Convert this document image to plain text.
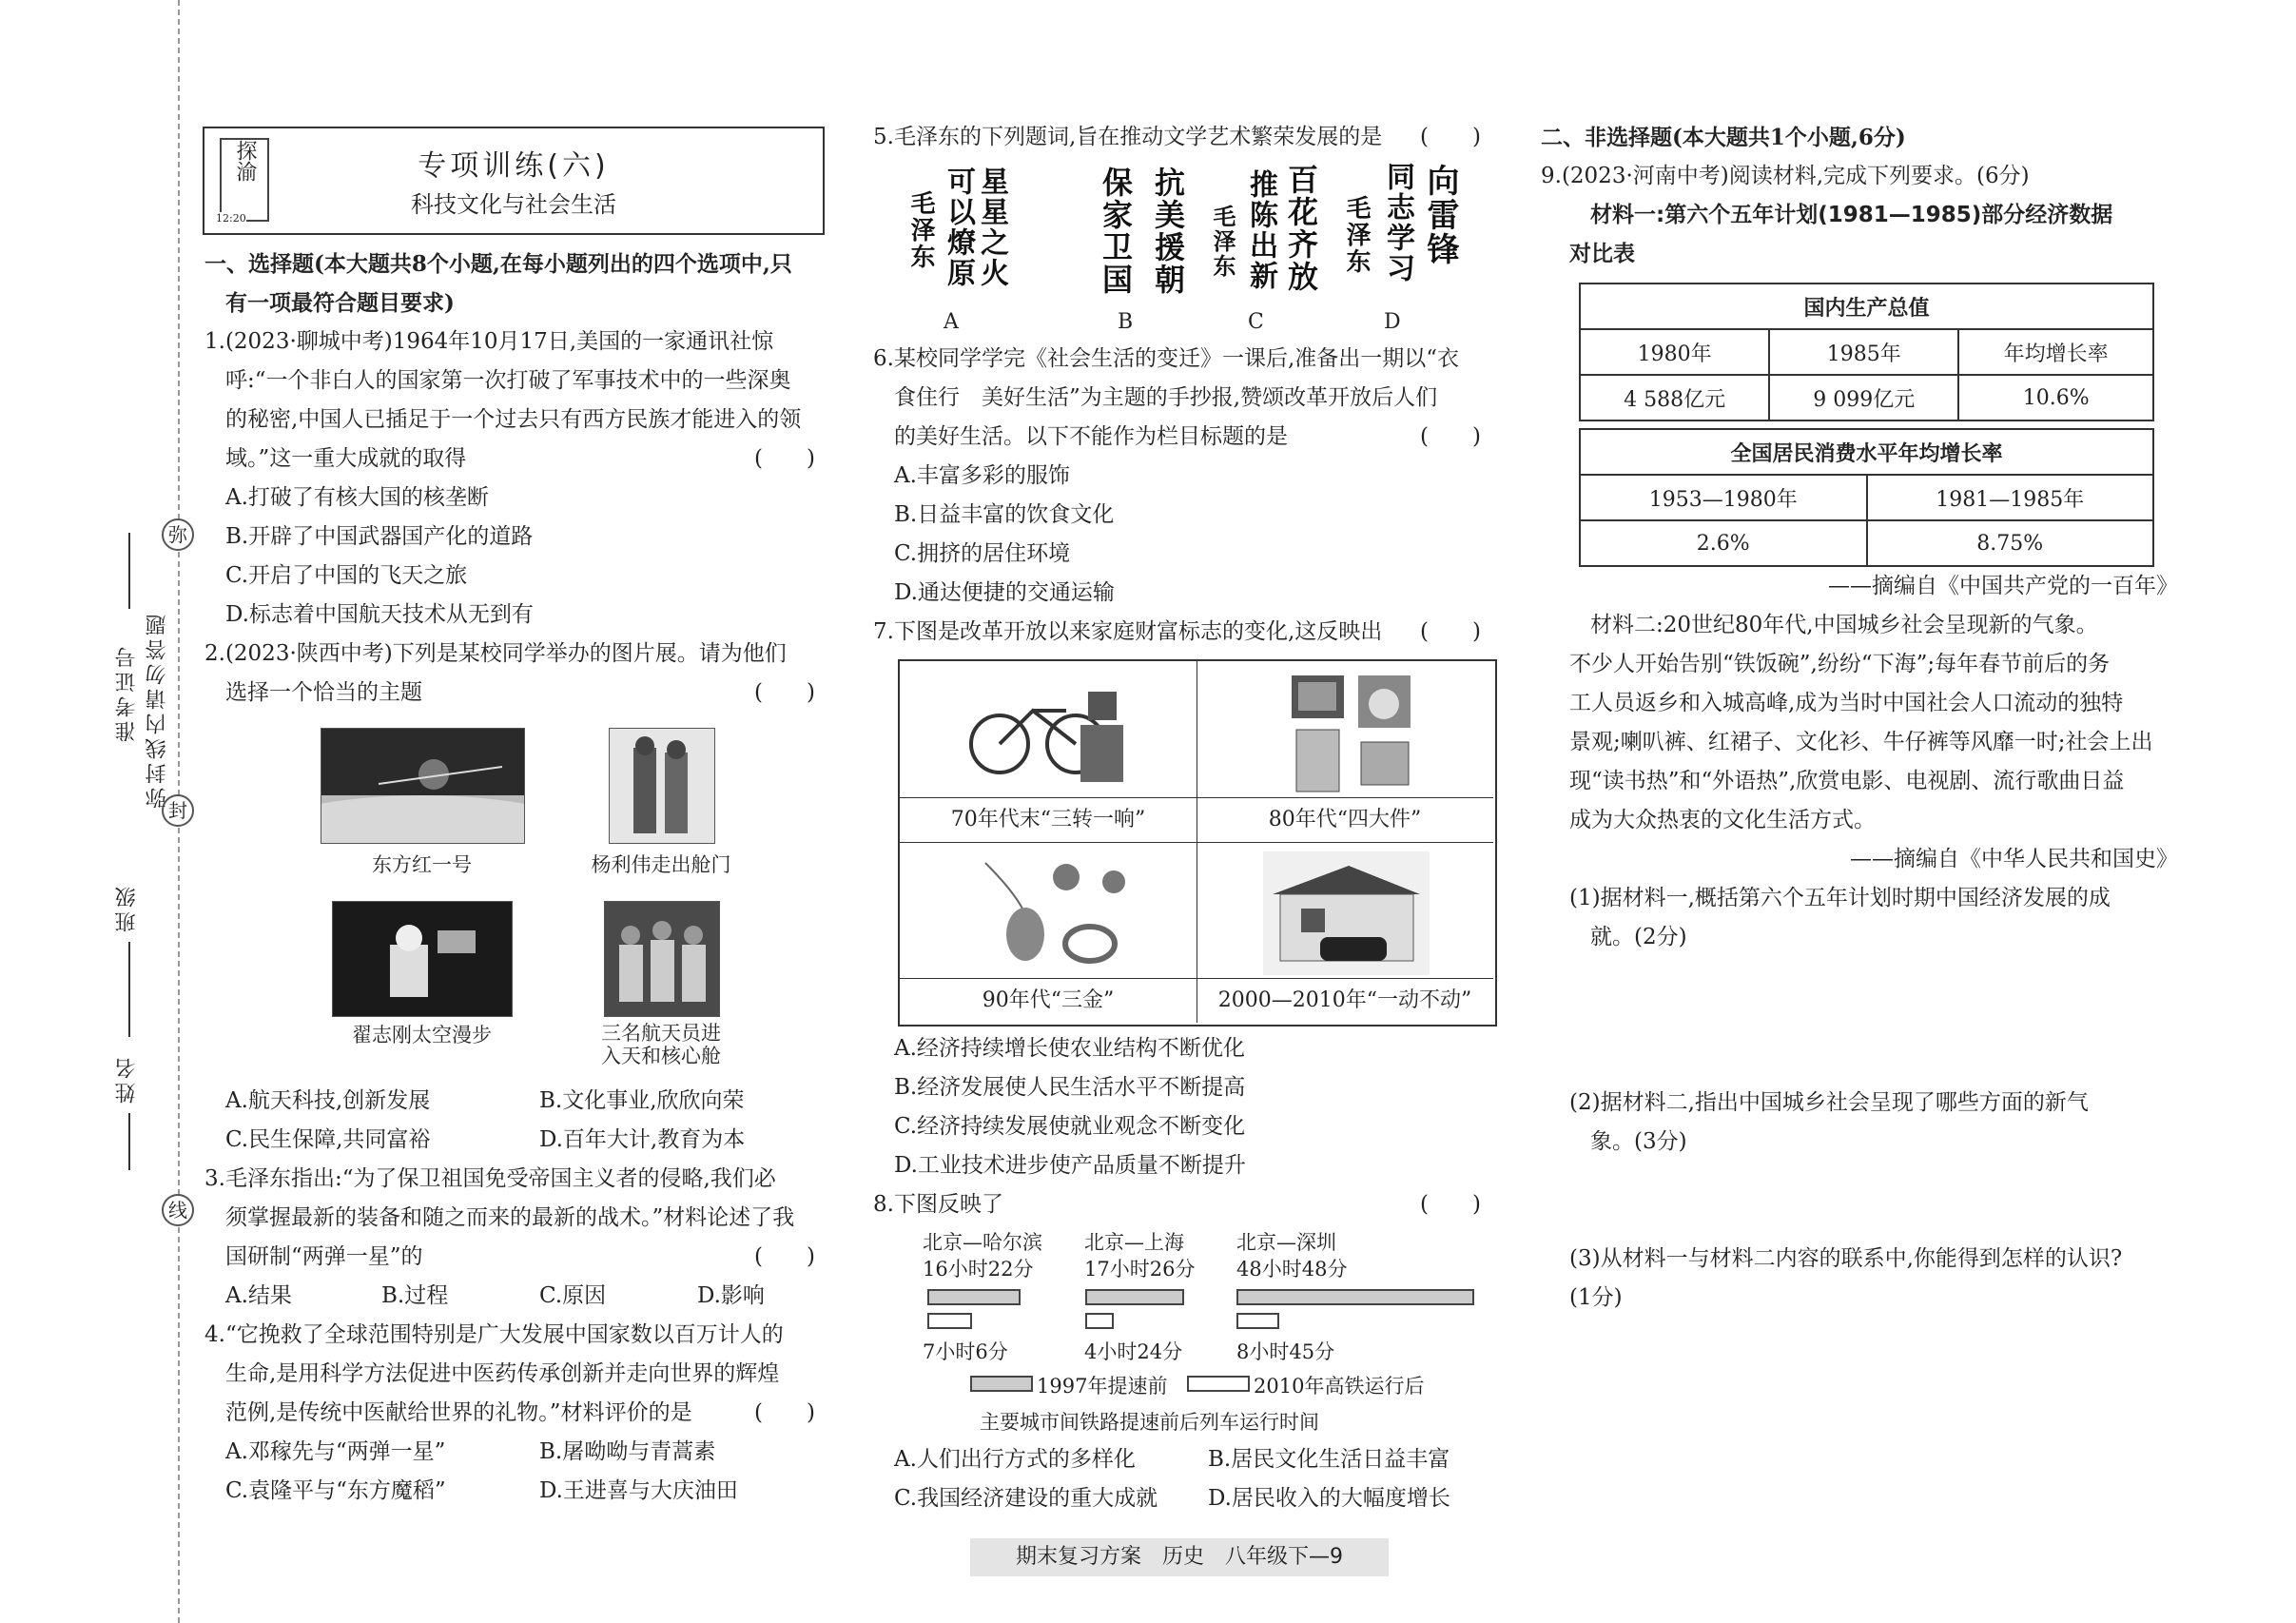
弥
封
线
弥封线内请勿答题
准考证号
班级
姓名
探渝
12:20
专项训练(六)
科技文化与社会生活

一、选择题(本大题共8个小题,在每小题列出的四个选项中,只

有一项最符合题目要求)

1.(2023·聊城中考)1964年10月17日,美国的一家通讯社惊

呼:“一个非白人的国家第一次打破了军事技术中的一些深奥

的秘密,中国人已插足于一个过去只有西方民族才能进入的领

域。”这一重大成就的取得	(　　)

A.打破了有核大国的核垄断

B.开辟了中国武器国产化的道路

C.开启了中国的飞天之旅

D.标志着中国航天技术从无到有

2.(2023·陕西中考)下列是某校同学举办的图片展。请为他们

选择一个恰当的主题	(　　)

东方红一号	杨利伟走出舱门
翟志刚太空漫步	三名航天员进
入天和核心舱

A.航天科技,创新发展	B.文化事业,欣欣向荣

C.民生保障,共同富裕	D.百年大计,教育为本

3.毛泽东指出:“为了保卫祖国免受帝国主义者的侵略,我们必

须掌握最新的装备和随之而来的最新的战术。”材料论述了我

国研制“两弹一星”的	(　　)

A.结果	B.过程	C.原因	D.影响

4.“它挽救了全球范围特别是广大发展中国家数以百万计人的

生命,是用科学方法促进中医药传承创新并走向世界的辉煌

范例,是传统中医献给世界的礼物。”材料评价的是	(　　)

A.邓稼先与“两弹一星”	B.屠呦呦与青蒿素

C.袁隆平与“东方魔稻”	D.王进喜与大庆油田

5.毛泽东的下列题词,旨在推动文学艺术繁荣发展的是 (　　)

星星之火
可以燎原
毛泽东
A
抗美援朝
保家卫国
B
百花齐放
推陈出新
毛泽东
C
向雷锋
同志学习
毛泽东
D

6.某校同学学完《社会生活的变迁》一课后,准备出一期以“衣

食住行　美好生活”为主题的手抄报,赞颂改革开放后人们

的美好生活。以下不能作为栏目标题的是	(　　)

A.丰富多彩的服饰

B.日益丰富的饮食文化

C.拥挤的居住环境

D.通达便捷的交通运输

7.下图是改革开放以来家庭财富标志的变化,这反映出 (　　)

70年代末“三转一响”	80年代“四大件”
90年代“三金”	2000—2010年“一动不动”

A.经济持续增长使农业结构不断优化

B.经济发展使人民生活水平不断提高

C.经济持续发展使就业观念不断变化

D.工业技术进步使产品质量不断提升

8.下图反映了	(　　)

北京—哈尔滨
16小时22分
北京—上海
17小时26分
北京—深圳
48小时48分
7小时6分	4小时24分	8小时45分
1997年提速前	2010年高铁运行后
主要城市间铁路提速前后列车运行时间

A.人们出行方式的多样化	B.居民文化生活日益丰富

C.我国经济建设的重大成就 D.居民收入的大幅度增长

二、非选择题(本大题共1个小题,6分)

9.(2023·河南中考)阅读材料,完成下列要求。(6分)

材料一:第六个五年计划(1981—1985)部分经济数据

对比表

国内生产总值		
1980年	1985年	年均增长率
4 588亿元	9 099亿元	10.6%
全国居民消费水平年均增长率	
1953—1980年	1981—1985年
2.6%	8.75%

——摘编自《中国共产党的一百年》

材料二:20世纪80年代,中国城乡社会呈现新的气象。

不少人开始告别“铁饭碗”,纷纷“下海”;每年春节前后的务

工人员返乡和入城高峰,成为当时中国社会人口流动的独特

景观;喇叭裤、红裙子、文化衫、牛仔裤等风靡一时;社会上出

现“读书热”和“外语热”,欣赏电影、电视剧、流行歌曲日益

成为大众热衷的文化生活方式。

——摘编自《中华人民共和国史》

(1)据材料一,概括第六个五年计划时期中国经济发展的成

就。(2分)

(2)据材料二,指出中国城乡社会呈现了哪些方面的新气

象。(3分)

(3)从材料一与材料二内容的联系中,你能得到怎样的认识?

(1分)

期末复习方案　历史　八年级下—9
